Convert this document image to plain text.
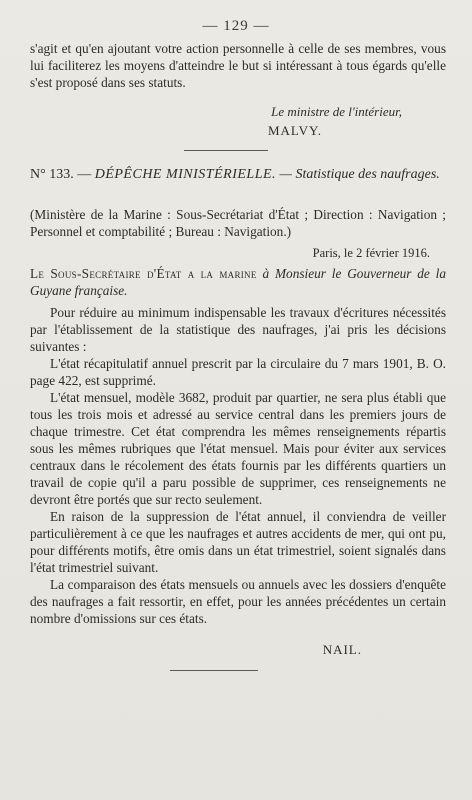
— 129 —
s'agit et qu'en ajoutant votre action personnelle à celle de ses membres, vous lui faciliterez les moyens d'atteindre le but si intéressant à tous égards qu'elle s'est proposé dans ses statuts.
Le ministre de l'intérieur,
MALVY.
N° 133. — DÉPÊCHE MINISTÉRIELLE. — Statistique des naufrages.
(Ministère de la Marine : Sous-Secrétariat d'État ; Direction : Navigation ; Personnel et comptabilité ; Bureau : Navigation.)
Paris, le 2 février 1916.
Le Sous-Secrétaire d'État a la marine à Monsieur le Gouverneur de la Guyane française.

Pour réduire au minimum indispensable les travaux d'écritures nécessités par l'établissement de la statistique des naufrages, j'ai pris les décisions suivantes :

L'état récapitulatif annuel prescrit par la circulaire du 7 mars 1901, B. O. page 422, est supprimé.

L'état mensuel, modèle 3682, produit par quartier, ne sera plus établi que tous les trois mois et adressé au service central dans les premiers jours de chaque trimestre. Cet état comprendra les mêmes renseignements répartis sous les mêmes rubriques que l'état mensuel. Mais pour éviter aux services centraux dans le récolement des états fournis par les différents quartiers un travail de copie qu'il a paru possible de supprimer, ces renseignements ne devront être portés que sur recto seulement.

En raison de la suppression de l'état annuel, il conviendra de veiller particulièrement à ce que les naufrages et autres accidents de mer, qui ont pu, pour différents motifs, être omis dans un état trimestriel, soient signalés dans l'état trimestriel suivant.

La comparaison des états mensuels ou annuels avec les dossiers d'enquête des naufrages a fait ressortir, en effet, pour les années précédentes un certain nombre d'omissions sur ces états.

NAIL.
